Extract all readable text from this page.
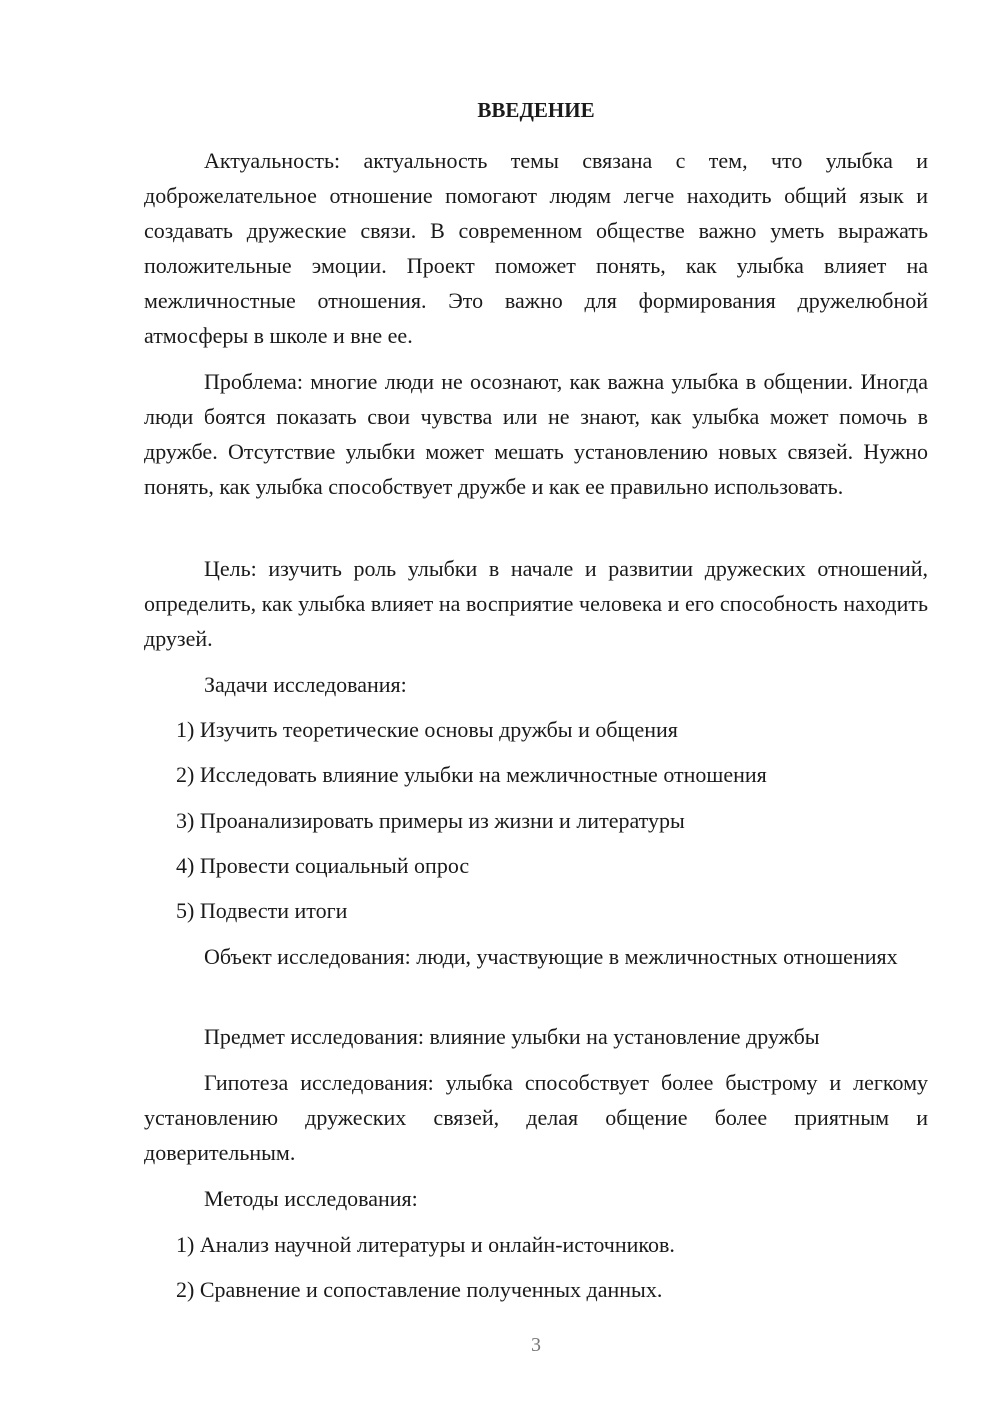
ВВЕДЕНИЕ

Актуальность: актуальность темы связана с тем, что улыбка и доброжелательное отношение помогают людям легче находить общий язык и создавать дружеские связи. В современном обществе важно уметь выражать положительные эмоции. Проект поможет понять, как улыбка влияет на межличностные отношения. Это важно для формирования дружелюбной атмосферы в школе и вне ее.

Проблема: многие люди не осознают, как важна улыбка в общении. Иногда люди боятся показать свои чувства или не знают, как улыбка может помочь в дружбе. Отсутствие улыбки может мешать установлению новых связей. Нужно понять, как улыбка способствует дружбе и как ее правильно использовать.

Цель: изучить роль улыбки в начале и развитии дружеских отношений, определить, как улыбка влияет на восприятие человека и его способность находить друзей.

Задачи исследования:

1) Изучить теоретические основы дружбы и общения

2) Исследовать влияние улыбки на межличностные отношения

3) Проанализировать примеры из жизни и литературы

4) Провести социальный опрос

5) Подвести итоги

Объект исследования: люди, участвующие в межличностных отношениях

Предмет исследования: влияние улыбки на установление дружбы

Гипотеза исследования: улыбка способствует более быстрому и легкому установлению дружеских связей, делая общение более приятным и доверительным.

Методы исследования:

1) Анализ научной литературы и онлайн-источников.

2) Сравнение и сопоставление полученных данных.

3
